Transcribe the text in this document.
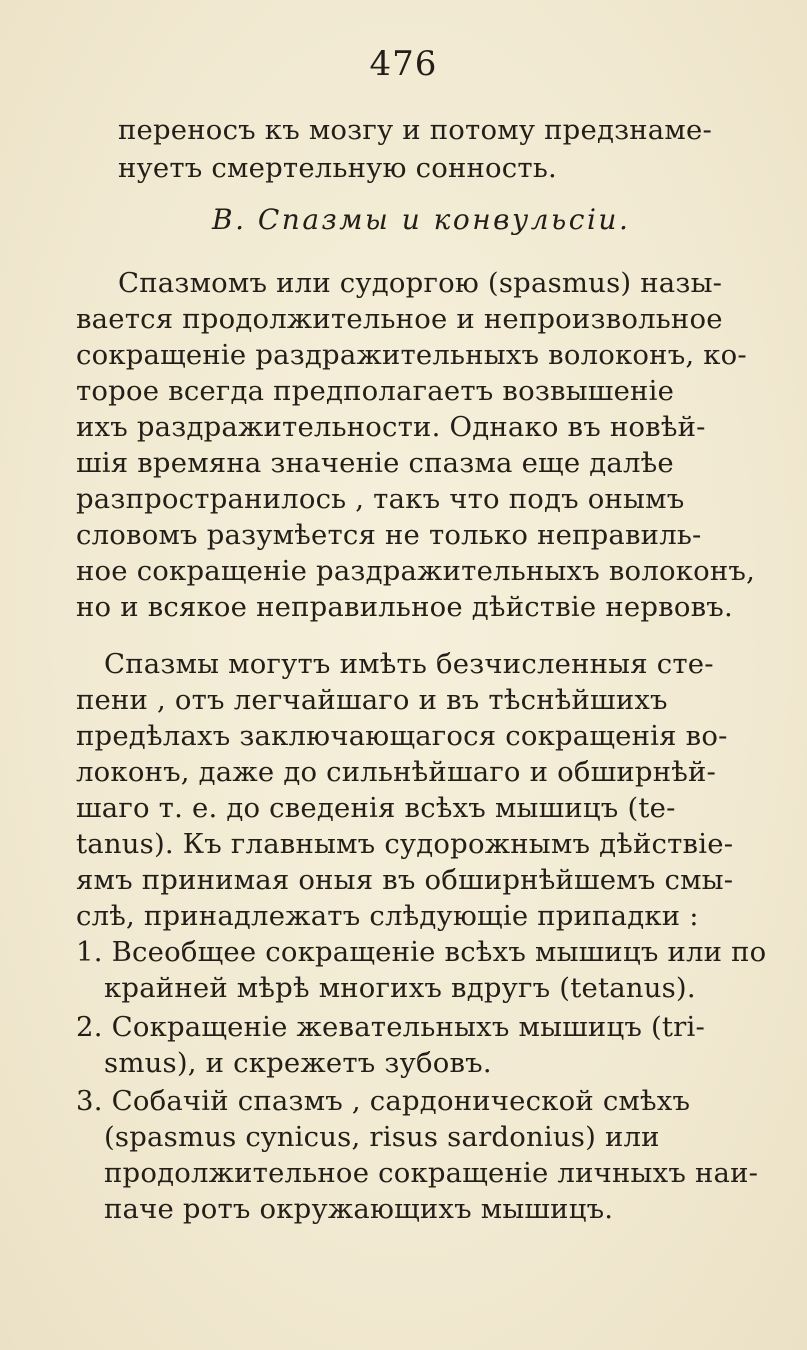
476
переносъ къ мозгу и потому предзнаме-
нуетъ смертельную сонность.
B. Спазмы и конвульсіи.
Спазмомъ или судоргою (spasmus) назы-
вается продолжительное и непроизвольное
сокращеніе раздражительныхъ волоконъ, ко-
торое всегда предполагаетъ возвышеніе
ихъ раздражительности. Однако въ новѣй-
шія времяна значеніе спазма еще далѣе
разпространилось , такъ что подъ онымъ
словомъ разумѣется не только неправиль-
ное сокращеніе раздражительныхъ волоконъ,
но и всякое неправильное дѣйствіе нервовъ.
Спазмы могутъ имѣть безчисленныя сте-
пени , отъ легчайшаго и въ тѣснѣйшихъ
предѣлахъ заключающагося сокращенія во-
локонъ, даже до сильнѣйшаго и обширнѣй-
шаго т. е. до сведенія всѣхъ мышицъ (te-
tanus). Къ главнымъ судорожнымъ дѣйствіе-
ямъ принимая оныя въ обширнѣйшемъ смы-
слѣ, принадлежатъ слѣдующіе припадки :
1. Всеобщее сокращеніе всѣхъ мышицъ или по
крайней мѣрѣ многихъ вдругъ (tetanus).
2. Сокращеніе жевательныхъ мышицъ (tri-
smus), и скрежетъ зубовъ.
3. Собачій спазмъ , сардонической смѣхъ
(spasmus cynicus, risus sardonius) или
продолжительное сокращеніе личныхъ наи-
паче ротъ окружающихъ мышицъ.
